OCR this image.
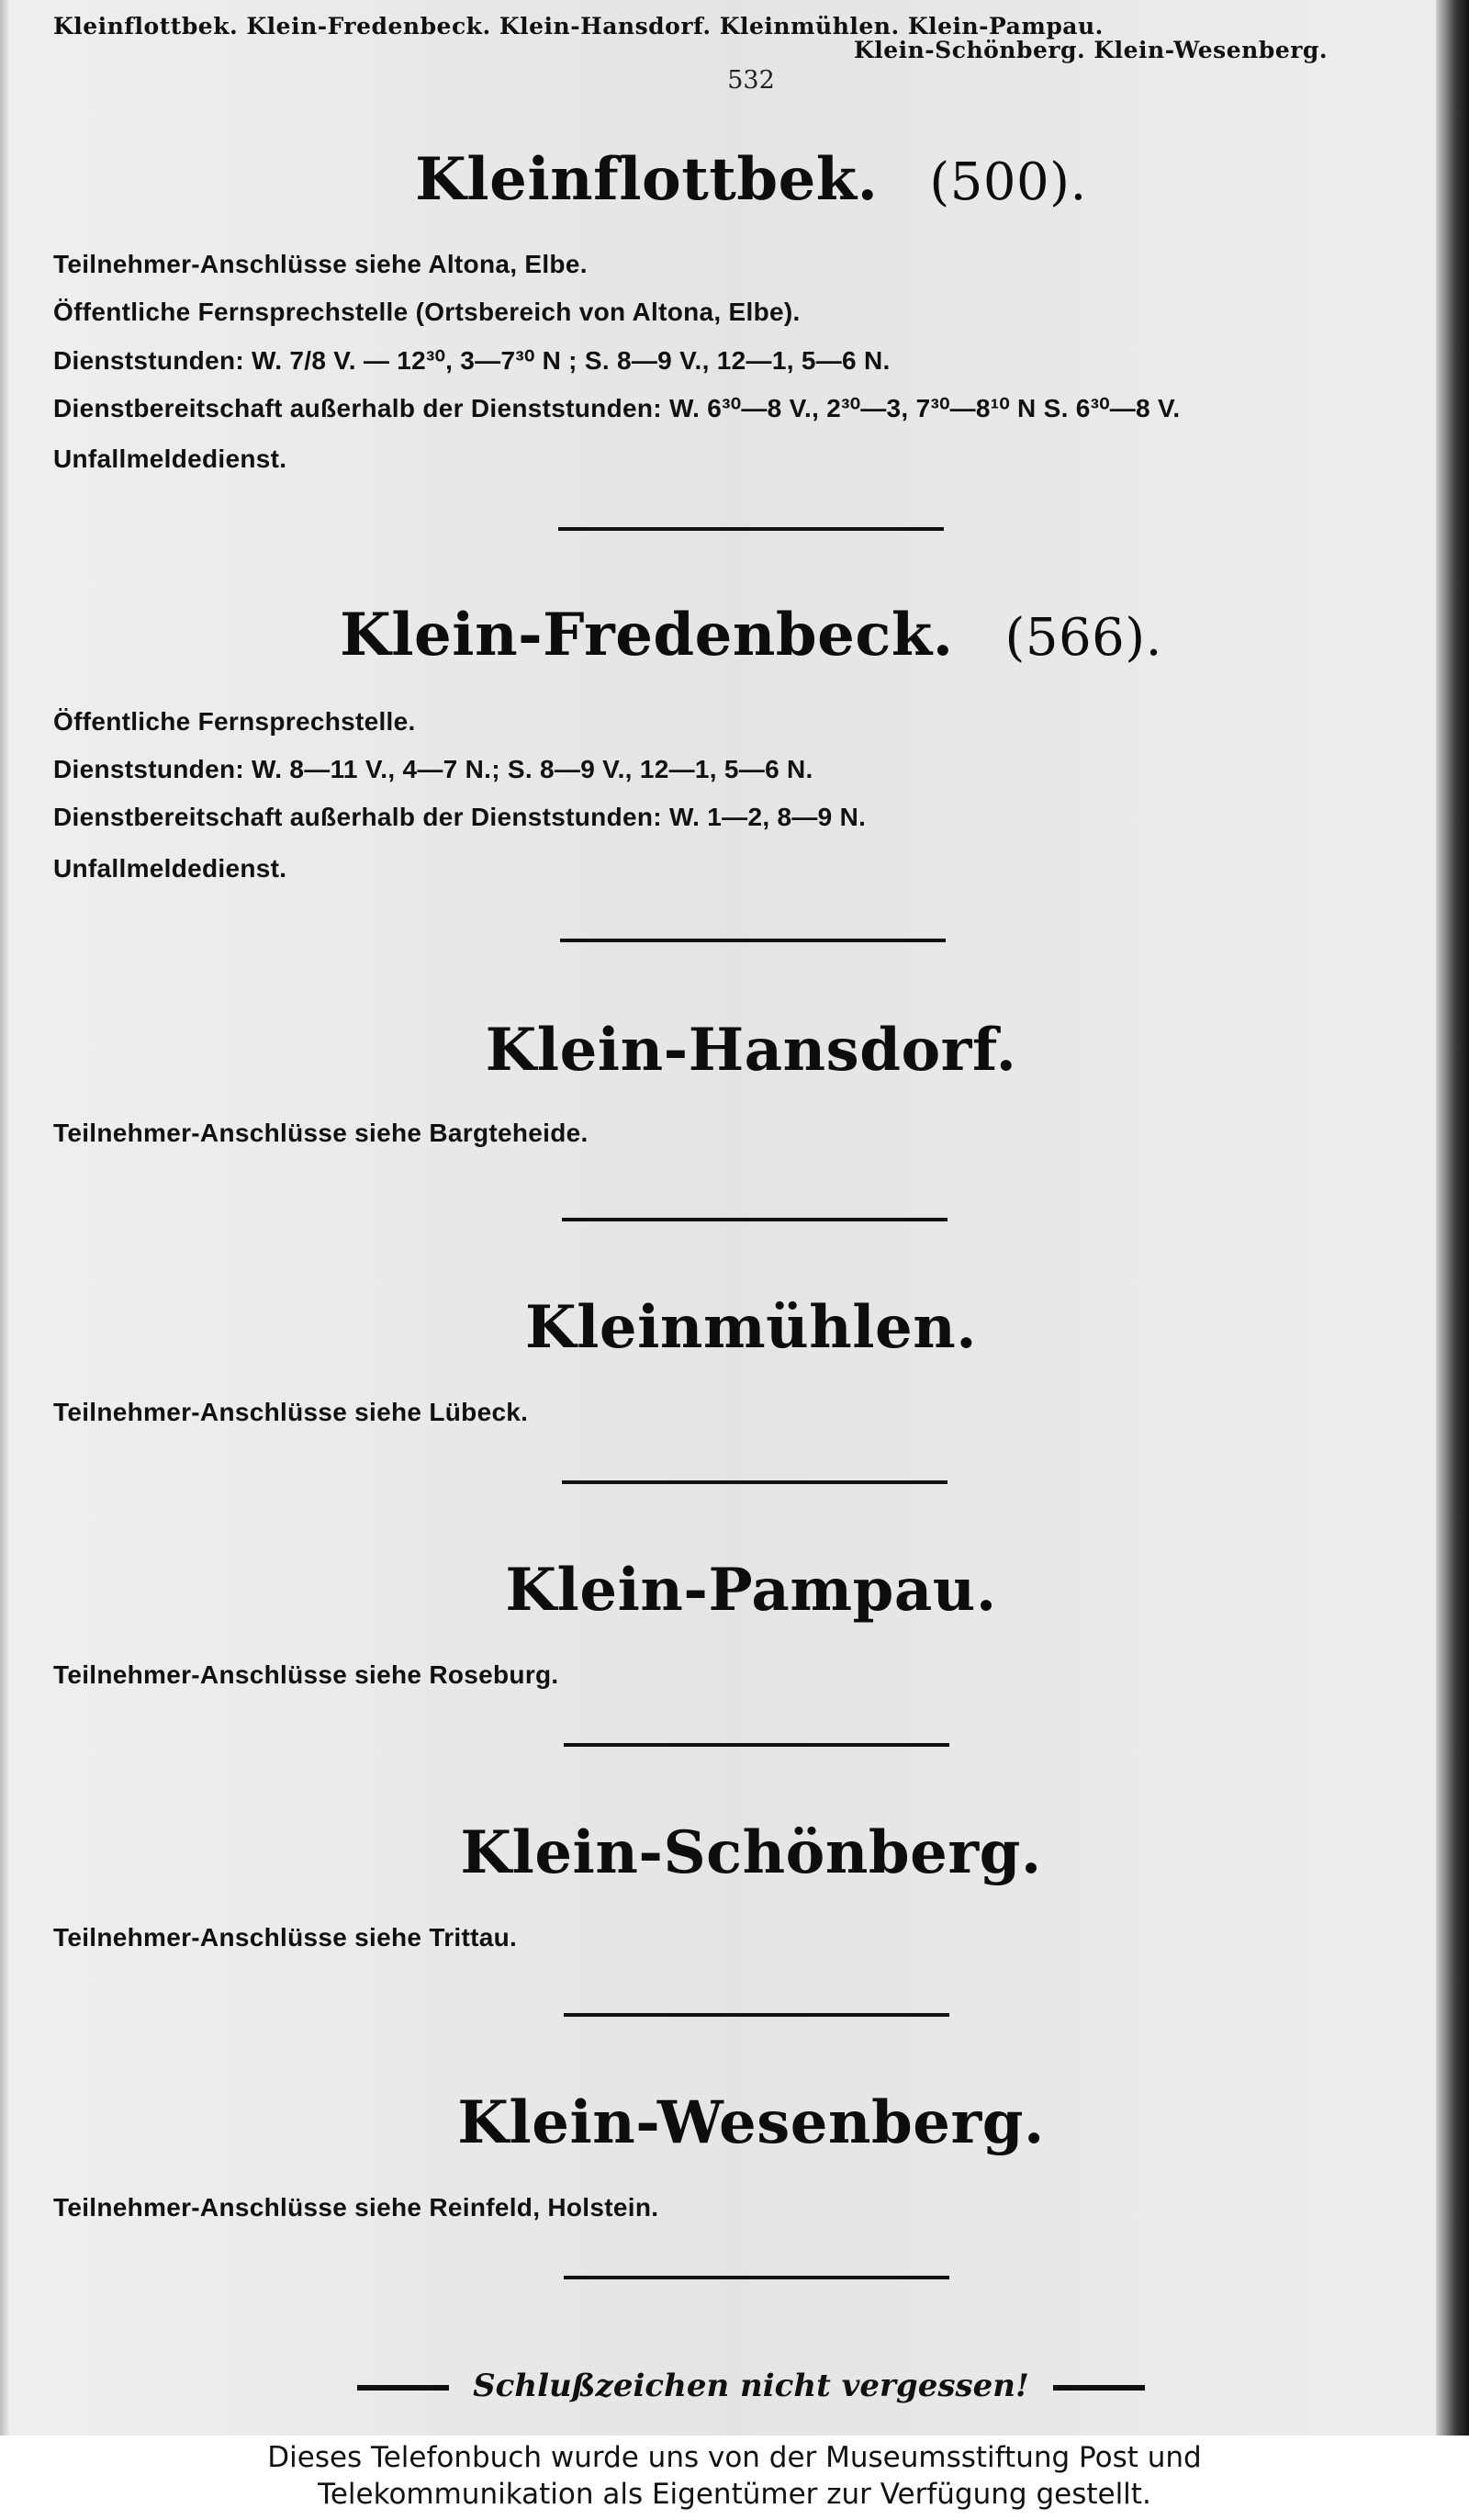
Kleinflottbek. Klein-Fredenbeck. Klein-Hansdorf. Kleinmühlen. Klein-Pampau.
Klein-Schönberg. Klein-Wesenberg.
532
Kleinflottbek. (500).
Teilnehmer-Anschlüsse siehe Altona, Elbe.
Öffentliche Fernsprechstelle (Ortsbereich von Altona, Elbe).
Dienststunden: W. 7/8 V. — 12³⁰, 3—7³⁰ N ; S. 8—9 V., 12—1, 5—6 N.
Dienstbereitschaft außerhalb der Dienststunden: W. 6³⁰—8 V., 2³⁰—3, 7³⁰—8¹⁰ N S. 6³⁰—8 V.
Unfallmeldedienst.
Klein-Fredenbeck. (566).
Öffentliche Fernsprechstelle.
Dienststunden: W. 8—11 V., 4—7 N.; S. 8—9 V., 12—1, 5—6 N.
Dienstbereitschaft außerhalb der Dienststunden: W. 1—2, 8—9 N.
Unfallmeldedienst.
Klein-Hansdorf.
Teilnehmer-Anschlüsse siehe Bargteheide.
Kleinmühlen.
Teilnehmer-Anschlüsse siehe Lübeck.
Klein-Pampau.
Teilnehmer-Anschlüsse siehe Roseburg.
Klein-Schönberg.
Teilnehmer-Anschlüsse siehe Trittau.
Klein-Wesenberg.
Teilnehmer-Anschlüsse siehe Reinfeld, Holstein.
Schlußzeichen nicht vergessen!
Dieses Telefonbuch wurde uns von der Museumsstiftung Post und
Telekommunikation als Eigentümer zur Verfügung gestellt.
